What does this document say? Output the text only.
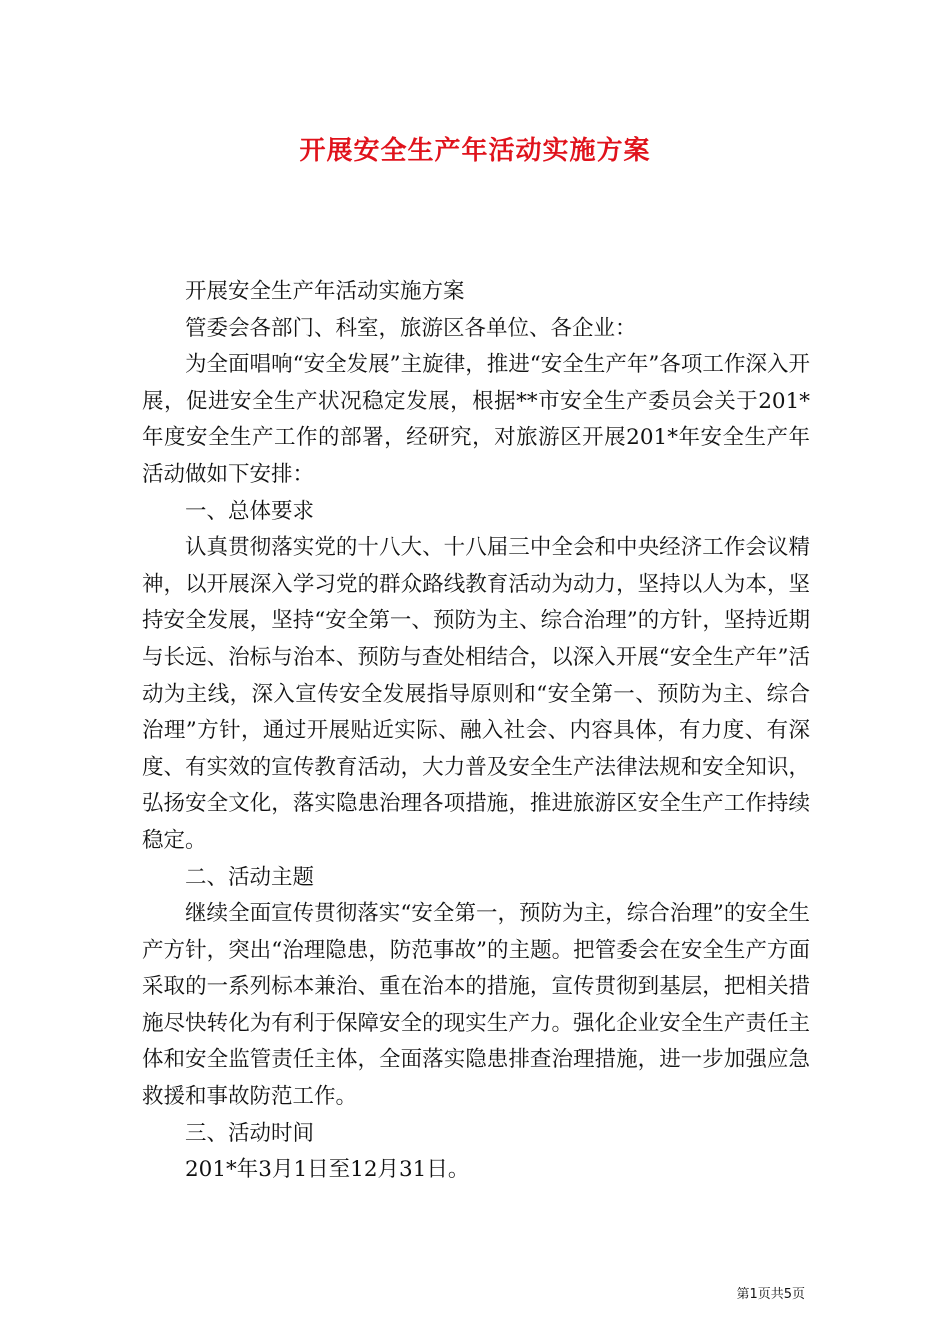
开展安全生产年活动实施方案

开展安全生产年活动实施方案

管委会各部门、科室，旅游区各单位、各企业：

为全面唱响“安全发展”主旋律，推进“安全生产年”各项工作深入开展，促进安全生产状况稳定发展，根据**市安全生产委员会关于201*年度安全生产工作的部署，经研究，对旅游区开展201*年安全生产年活动做如下安排：

一、总体要求

认真贯彻落实党的十八大、十八届三中全会和中央经济工作会议精神，以开展深入学习党的群众路线教育活动为动力，坚持以人为本，坚持安全发展，坚持“安全第一、预防为主、综合治理”的方针，坚持近期与长远、治标与治本、预防与查处相结合，以深入开展“安全生产年”活动为主线，深入宣传安全发展指导原则和“安全第一、预防为主、综合治理”方针，通过开展贴近实际、融入社会、内容具体，有力度、有深度、有实效的宣传教育活动，大力普及安全生产法律法规和安全知识，弘扬安全文化，落实隐患治理各项措施，推进旅游区安全生产工作持续稳定。

二、活动主题

继续全面宣传贯彻落实“安全第一，预防为主，综合治理”的安全生产方针，突出“治理隐患，防范事故”的主题。把管委会在安全生产方面采取的一系列标本兼治、重在治本的措施，宣传贯彻到基层，把相关措施尽快转化为有利于保障安全的现实生产力。强化企业安全生产责任主体和安全监管责任主体，全面落实隐患排查治理措施，进一步加强应急救援和事故防范工作。

三、活动时间

201*年3月1日至12月31日。

第1页共5页
